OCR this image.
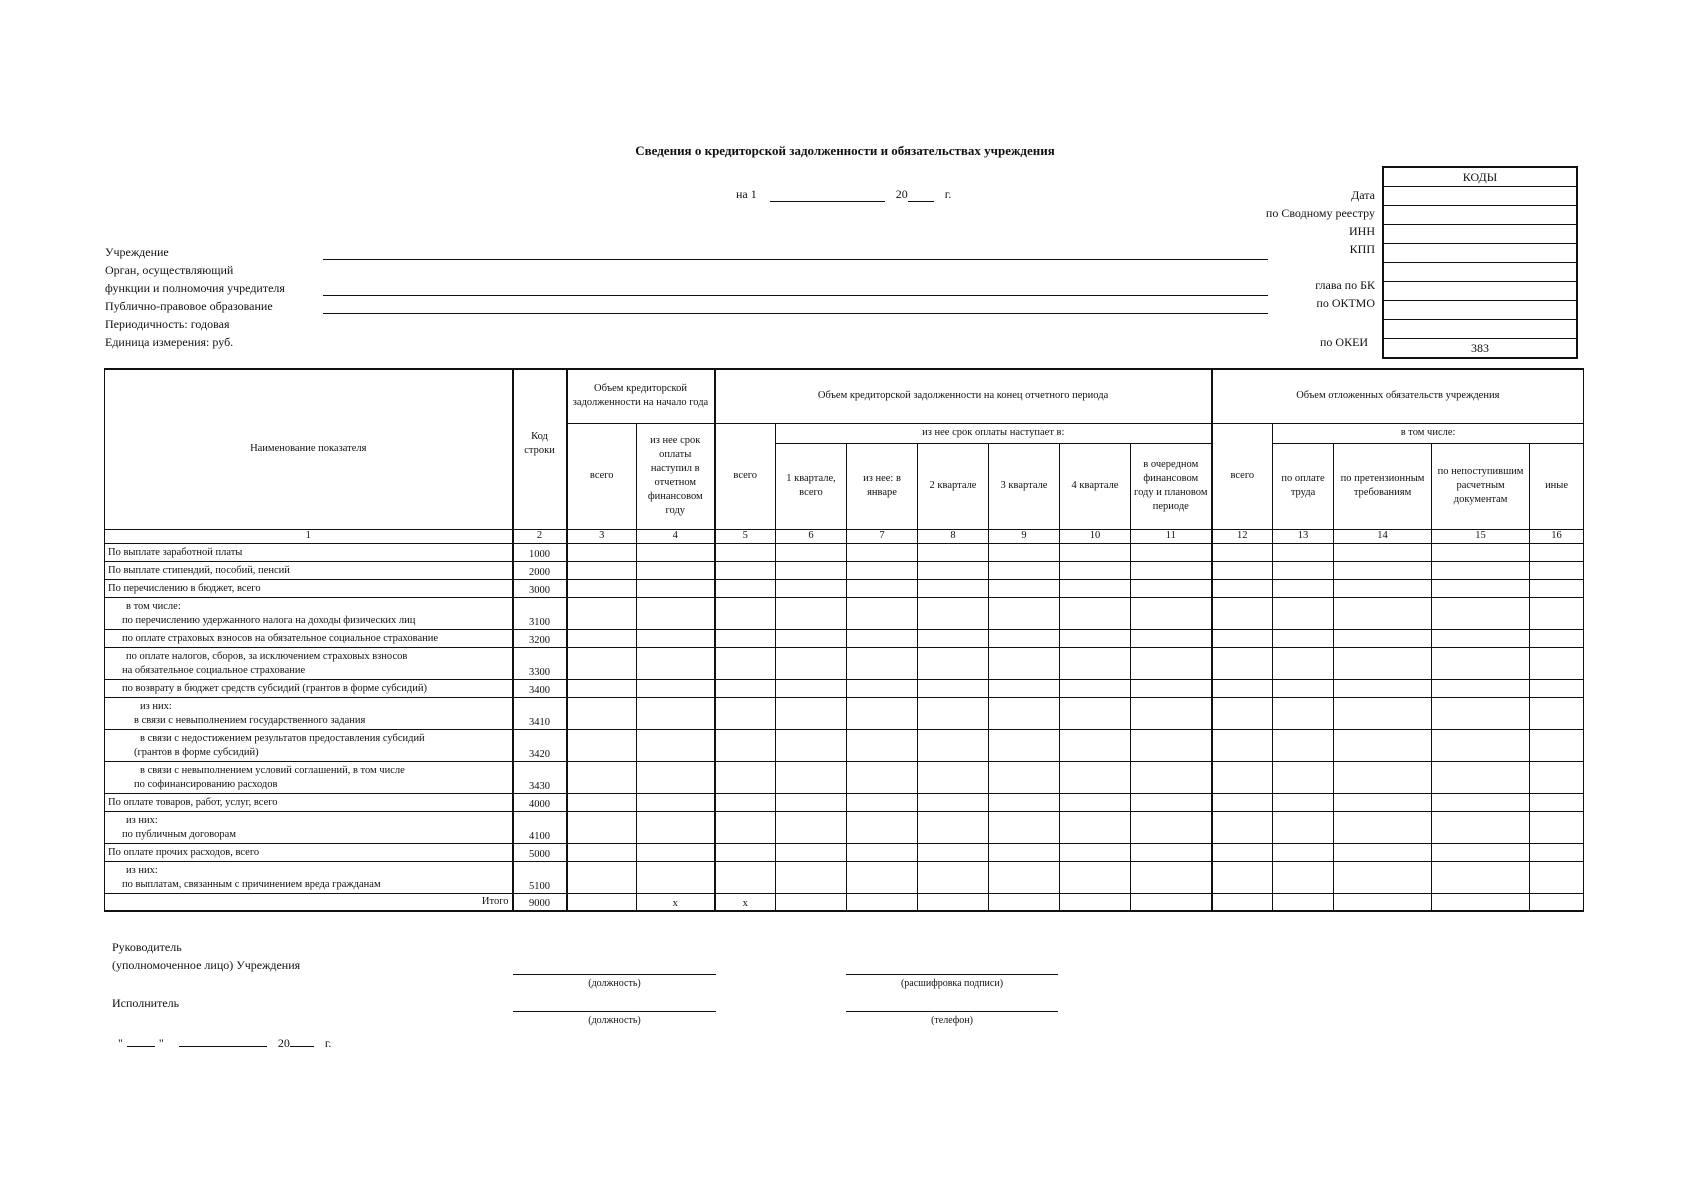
Сведения о кредиторской задолженности и обязательствах учреждения
на 1	20	г.
Учреждение
Орган, осуществляющий
функции и полномочия учредителя
Публично-правовое образование
Периодичность: годовая
Единица измерения: руб.
Дата
по Сводному реестру
ИНН
КПП
глава по БК
по ОКТМО
КОДЫ
383
по ОКЕИ
Наименование показателя	Код строки	Объем кредиторской задолженности на начало года		Объем кредиторской задолженности на конец отчетного периода							Объем отложенных обязательств учреждения				
		всего	из нее срок оплаты наступил в отчетном финансовом году	всего	из нее срок оплаты наступает в:						всего	в том числе:			
					1 квартале, всего	из нее: в январе	2 квартале	3 квартале	4 квартале	в очередном финансовом году и плановом периоде		по оплате труда	по претензионным требованиям	по непоступившим расчетным документам	иные
1	2	3	4	5	6	7	8	9	10	11	12	13	14	15	16

По выплате заработной платы	1000														

По выплате стипендий, пособий, пенсий	2000														

По перечислению в бюджет, всего	3000														

в том числе:
по перечислению удержанного налога на доходы физических лиц	3100														

по оплате страховых взносов на обязательное социальное страхование	3200														

по оплате налогов, сборов, за исключением страховых взносов
на обязательное социальное страхование	3300														

по возврату в бюджет средств субсидий (грантов в форме субсидий)	3400														

из них:
в связи с невыполнением государственного задания	3410														

в связи с недостижением результатов предоставления субсидий
(грантов в форме субсидий)	3420														

в связи с невыполнением условий соглашений, в том числе
по софинансированию расходов	3430														

По оплате товаров, работ, услуг, всего	4000														

из них:
по публичным договорам	4100														

По оплате прочих расходов, всего	5000														

из них:
по выплатам, связанным с причинением вреда гражданам	5100														
Итого	9000		x	x											
Руководитель
(уполномоченное лицо) Учреждения
(должность)	(расшифровка подписи)
Исполнитель
(должность)	(телефон)
"	"	20	г.
